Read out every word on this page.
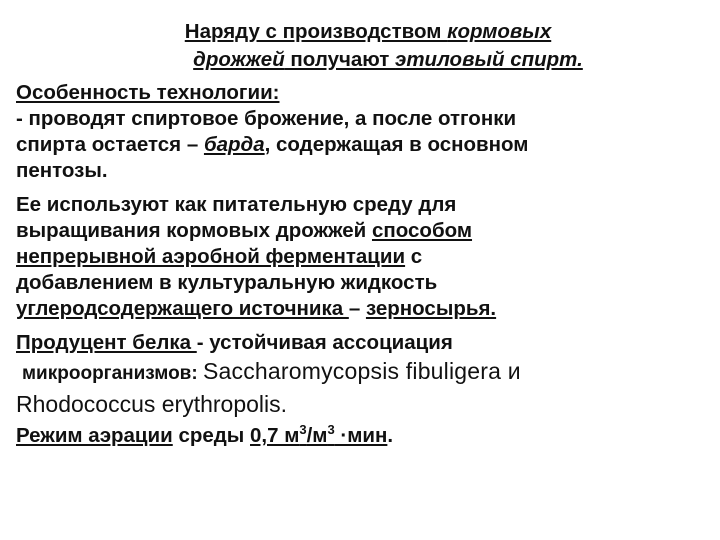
Наряду с производством кормовых
дрожжей получают этиловый спирт.
Особенность технологии:
- проводят спиртовое брожение, а после отгонки
спирта остается – барда, содержащая в основном
пентозы.
Ее используют как питательную среду для
выращивания кормовых дрожжей способом
непрерывной аэробной ферментации с
добавлением в культуральную жидкость
углеродсодержащего источника – зерносырья.
Продуцент белка - устойчивая ассоциация
микроорганизмов: Saccharomycopsis fibuligera и
Rhodococcus erythropolis.
Режим аэрации среды 0,7 $м^3/м^3 \cdot мин$.
